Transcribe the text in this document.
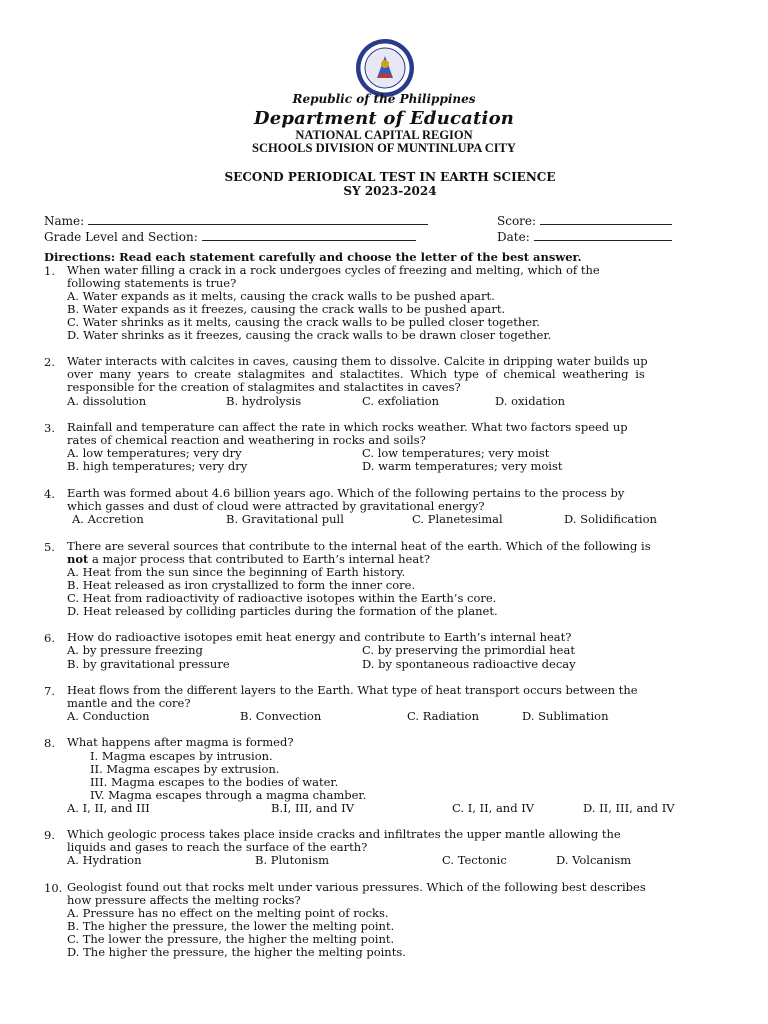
Republic of the Philippines
Department of Education
NATIONAL CAPITAL REGION
SCHOOLS DIVISION OF MUNTINLUPA CITY
SECOND PERIODICAL TEST IN EARTH SCIENCE
SY 2023-2024
Name:
Grade Level and Section:
Score:
Date:
Directions: Read each statement carefully and choose the letter of the best answer.
1.	When water filling a crack in a rock undergoes cycles of freezing and melting, which of the
following statements is true?
A. Water expands as it melts, causing the crack walls to be pushed apart.
B. Water expands as it freezes, causing the crack walls to be pushed apart.
C. Water shrinks as it melts, causing the crack walls to be pulled closer together.
D. Water shrinks as it freezes, causing the crack walls to be drawn closer together.
2.	Water interacts with calcites in caves, causing them to dissolve. Calcite in dripping water builds up
over many years to create stalagmites and stalactites. Which type of chemical weathering is
responsible for the creation of stalagmites and stalactites in caves?
A. dissolution	B. hydrolysis	C. exfoliation	D. oxidation
3.	Rainfall and temperature can affect the rate in which rocks weather. What two factors speed up
rates of chemical reaction and weathering in rocks and soils?
A. low temperatures; very dry	C. low temperatures; very moist
B. high temperatures; very dry	D. warm temperatures; very moist
4.	Earth was formed about 4.6 billion years ago. Which of the following pertains to the process by
which gasses and dust of cloud were attracted by gravitational energy?
A. Accretion	B. Gravitational pull	C. Planetesimal	D. Solidification
5.	There are several sources that contribute to the internal heat of the earth. Which of the following is
not a major process that contributed to Earth’s internal heat?
A. Heat from the sun since the beginning of Earth history.
B. Heat released as iron crystallized to form the inner core.
C. Heat from radioactivity of radioactive isotopes within the Earth’s core.
D. Heat released by colliding particles during the formation of the planet.
6.	How do radioactive isotopes emit heat energy and contribute to Earth’s internal heat?
A. by pressure freezing	C. by preserving the primordial heat
B. by gravitational pressure	D. by spontaneous radioactive decay
7.	Heat flows from the different layers to the Earth. What type of heat transport occurs between the
mantle and the core?
A. Conduction	B. Convection	C. Radiation	D. Sublimation
8.	What happens after magma is formed?
I. Magma escapes by intrusion.
II. Magma escapes by extrusion.
III. Magma escapes to the bodies of water.
IV. Magma escapes through a magma chamber.
A. I, II, and III	B.I, III, and IV	C. I, II, and IV	D. II, III, and IV
9.	Which geologic process takes place inside cracks and infiltrates the upper mantle allowing the
liquids and gases to reach the surface of the earth?
A. Hydration	B. Plutonism	C. Tectonic	D. Volcanism
10. Geologist found out that rocks melt under various pressures. Which of the following best describes
how pressure affects the melting rocks?
A. Pressure has no effect on the melting point of rocks.
B. The higher the pressure, the lower the melting point.
C. The lower the pressure, the higher the melting point.
D. The higher the pressure, the higher the melting points.
